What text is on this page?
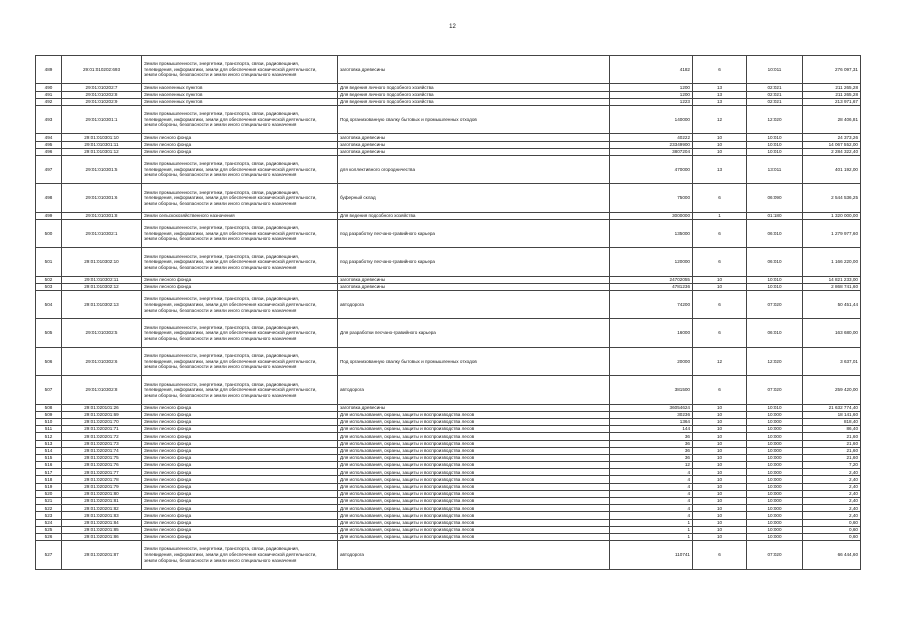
12
489	29:01:010202:693	Земли промышленности, энергетики, транспорта, связи, радиовещания,
телевидения, информатики, земли для обеспечения космической деятельности,
земли обороны, безопасности и земли иного специального назначения	заготовка древесины	4182	6	10:011	276 097,31
490	29:01:010202:7	Земли населенных пунктов	Для ведения личного подсобного хозяйства	1200	13	02:021	211 265,28
491	29:01:010202:8	Земли населенных пунктов	Для ведения личного подсобного хозяйства	1200	13	02:021	211 265,28
492	29:01:010202:9	Земли населенных пунктов	Для ведения личного подсобного хозяйства	1223	13	02:021	213 971,67
493	29:01:010301:1	Земли промышленности, энергетики, транспорта, связи, радиовещания,
телевидения, информатики, земли для обеспечения космической деятельности,
земли обороны, безопасности и земли иного специального назначения	Под организованную свалку бытовых и промышленных отходов	140000	12	12:020	28 406,81
494	29:01:010301:10	Земли лесного фонда	заготовка древесины	40222	10	10:010	24 373,26
495	29:01:010301:11	Земли лесного фонда	заготовка древесины	23349900	10	10:010	14 067 552,00
496	29:01:010301:12	Земли лесного фонда	заготовка древесины	3807204	10	10:010	2 284 322,40
497	29:01:010301:5	Земли промышленности, энергетики, транспорта, связи, радиовещания,
телевидения, информатики, земли для обеспечения космической деятельности,
земли обороны, безопасности и земли иного специального назначения	для коллективного огородничества	470000	13	13:011	401 192,00
498	29:01:010301:6	Земли промышленности, энергетики, транспорта, связи, радиовещания,
телевидения, информатики, земли для обеспечения космической деятельности,
земли обороны, безопасности и земли иного специального назначения	буферный склад	75000	6	06:090	2 544 536,25
499	29:01:010301:8	Земли сельскохозяйственного назначения	Для ведения подсобного хозяйства	3000000	1	01:180	1 320 000,00
500	29:01:010302:1	Земли промышленности, энергетики, транспорта, связи, радиовещания,
телевидения, информатики, земли для обеспечения космической деятельности,
земли обороны, безопасности и земли иного специального назначения	под разработку песчано-гравийного карьера	135000	6	06:010	1 279 977,60
501	29:01:010302:10	Земли промышленности, энергетики, транспорта, связи, радиовещания,
телевидения, информатики, земли для обеспечения космической деятельности,
земли обороны, безопасности и земли иного специального назначения	под разработку песчано-гравийного карьера	120000	6	06:010	1 166 220,00
502	29:01:010302:11	Земли лесного фонда	заготовка древесины	24702055	10	10:010	14 821 233,00
503	29:01:010302:12	Земли лесного фонда	заготовка древесины	4781236	10	10:010	2 868 741,60
504	29:01:010302:13	Земли промышленности, энергетики, транспорта, связи, радиовещания,
телевидения, информатики, земли для обеспечения космической деятельности,
земли обороны, безопасности и земли иного специального назначения	автодорога	74200	6	07:020	50 451,44
505	29:01:010302:5	Земли промышленности, энергетики, транспорта, связи, радиовещания,
телевидения, информатики, земли для обеспечения космической деятельности,
земли обороны, безопасности и земли иного специального назначения	Для разработки песчано-гравийного карьера	16000	6	06:010	163 680,00
506	29:01:010302:6	Земли промышленности, энергетики, транспорта, связи, радиовещания,
телевидения, информатики, земли для обеспечения космической деятельности,
земли обороны, безопасности и земли иного специального назначения	Под организованную свалку бытовых и промышленных отходов	20000	12	12:020	3 637,01
507	29:01:010302:8	Земли промышленности, энергетики, транспорта, связи, радиовещания,
телевидения, информатики, земли для обеспечения космической деятельности,
земли обороны, безопасности и земли иного специального назначения	автодорога	381500	6	07:020	259 420,00
508	29:01:020101:26	Земли лесного фонда	заготовка древесины	36054624	10	10:010	21 632 774,40
509	29:01:020201:69	Земли лесного фонда	Для использования, охраны, защиты и воспроизводства лесов	30236	10	10:000	18 141,60
510	29:01:020201:70	Земли лесного фонда	Для использования, охраны, защиты и воспроизводства лесов	1364	10	10:000	818,40
511	29:01:020201:71	Земли лесного фонда	Для использования, охраны, защиты и воспроизводства лесов	144	10	10:000	86,40
512	29:01:020201:72	Земли лесного фонда	Для использования, охраны, защиты и воспроизводства лесов	36	10	10:000	21,60
513	29:01:020201:73	Земли лесного фонда	Для использования, охраны, защиты и воспроизводства лесов	36	10	10:000	21,60
514	29:01:020201:74	Земли лесного фонда	Для использования, охраны, защиты и воспроизводства лесов	36	10	10:000	21,60
515	29:01:020201:75	Земли лесного фонда	Для использования, охраны, защиты и воспроизводства лесов	36	10	10:000	21,60
516	29:01:020201:76	Земли лесного фонда	Для использования, охраны, защиты и воспроизводства лесов	12	10	10:000	7,20
517	29:01:020201:77	Земли лесного фонда	Для использования, охраны, защиты и воспроизводства лесов	4	10	10:000	2,40
518	29:01:020201:78	Земли лесного фонда	Для использования, охраны, защиты и воспроизводства лесов	4	10	10:000	2,40
519	29:01:020201:79	Земли лесного фонда	Для использования, охраны, защиты и воспроизводства лесов	4	10	10:000	2,40
520	29:01:020201:80	Земли лесного фонда	Для использования, охраны, защиты и воспроизводства лесов	4	10	10:000	2,40
521	29:01:020201:81	Земли лесного фонда	Для использования, охраны, защиты и воспроизводства лесов	4	10	10:000	2,40
522	29:01:020201:82	Земли лесного фонда	Для использования, охраны, защиты и воспроизводства лесов	4	10	10:000	2,40
523	29:01:020201:83	Земли лесного фонда	Для использования, охраны, защиты и воспроизводства лесов	4	10	10:000	2,40
524	29:01:020201:84	Земли лесного фонда	Для использования, охраны, защиты и воспроизводства лесов	1	10	10:000	0,60
525	29:01:020201:85	Земли лесного фонда	Для использования, охраны, защиты и воспроизводства лесов	1	10	10:000	0,60
526	29:01:020201:86	Земли лесного фонда	Для использования, охраны, защиты и воспроизводства лесов	1	10	10:000	0,60
527	29:01:020201:87	Земли промышленности, энергетики, транспорта, связи, радиовещания,
телевидения, информатики, земли для обеспечения космической деятельности,
земли обороны, безопасности и земли иного специального назначения	автодорога	110741	6	07:020	66 444,60
